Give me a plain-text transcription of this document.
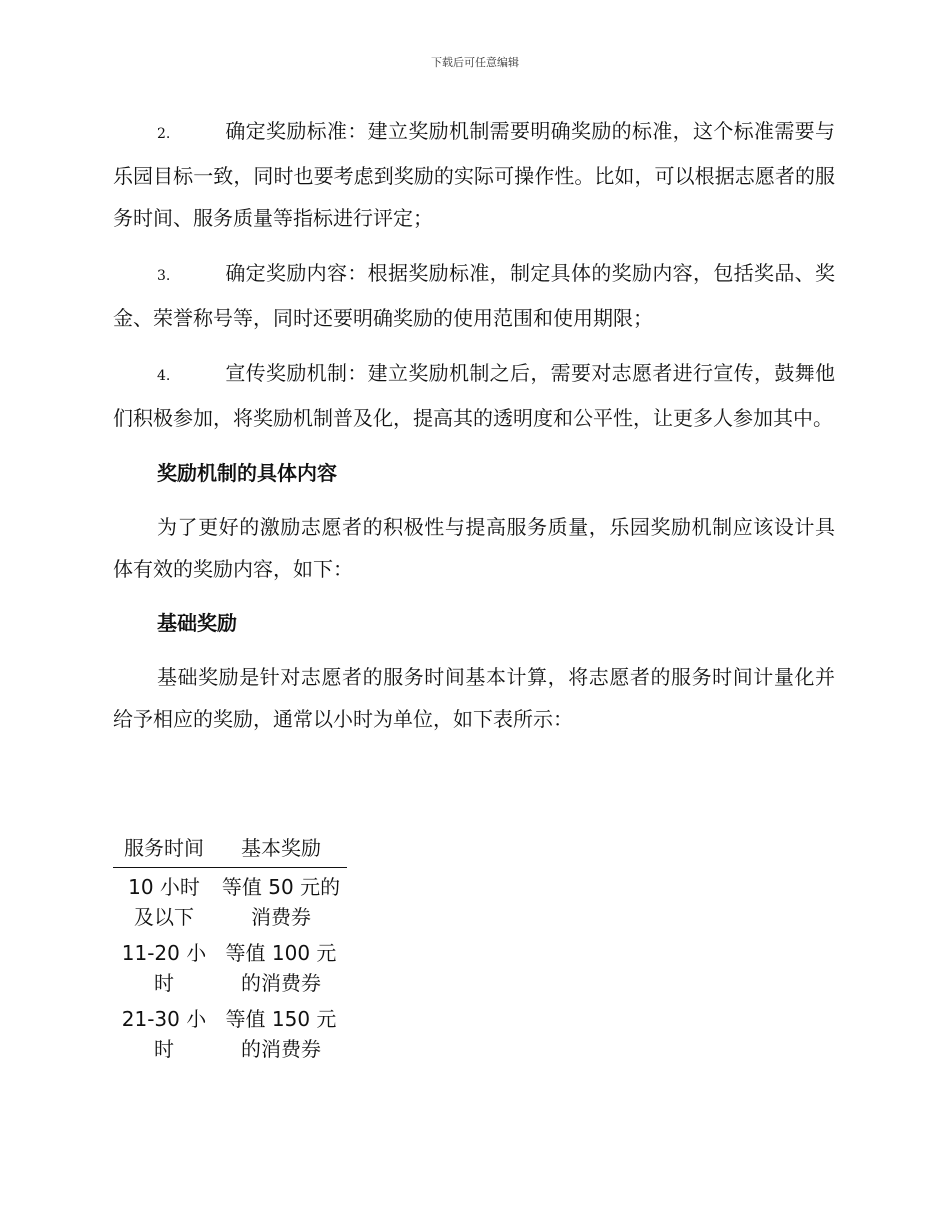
下载后可任意编辑

2.	确定奖励标准：建立奖励机制需要明确奖励的标准，这个标准需要与乐园目标一致，同时也要考虑到奖励的实际可操作性。比如，可以根据志愿者的服务时间、服务质量等指标进行评定；

3.	确定奖励内容：根据奖励标准，制定具体的奖励内容，包括奖品、奖金、荣誉称号等，同时还要明确奖励的使用范围和使用期限；

4.	宣传奖励机制：建立奖励机制之后，需要对志愿者进行宣传，鼓舞他们积极参加，将奖励机制普及化，提高其的透明度和公平性，让更多人参加其中。

奖励机制的具体内容

为了更好的激励志愿者的积极性与提高服务质量，乐园奖励机制应该设计具体有效的奖励内容，如下：

基础奖励

基础奖励是针对志愿者的服务时间基本计算，将志愿者的服务时间计量化并给予相应的奖励，通常以小时为单位，如下表所示：

服务时间	基本奖励
10 小时及以下	等值 50 元的消费券
11-20 小时	等值 100 元的消费券
21-30 小时	等值 150 元的消费券
